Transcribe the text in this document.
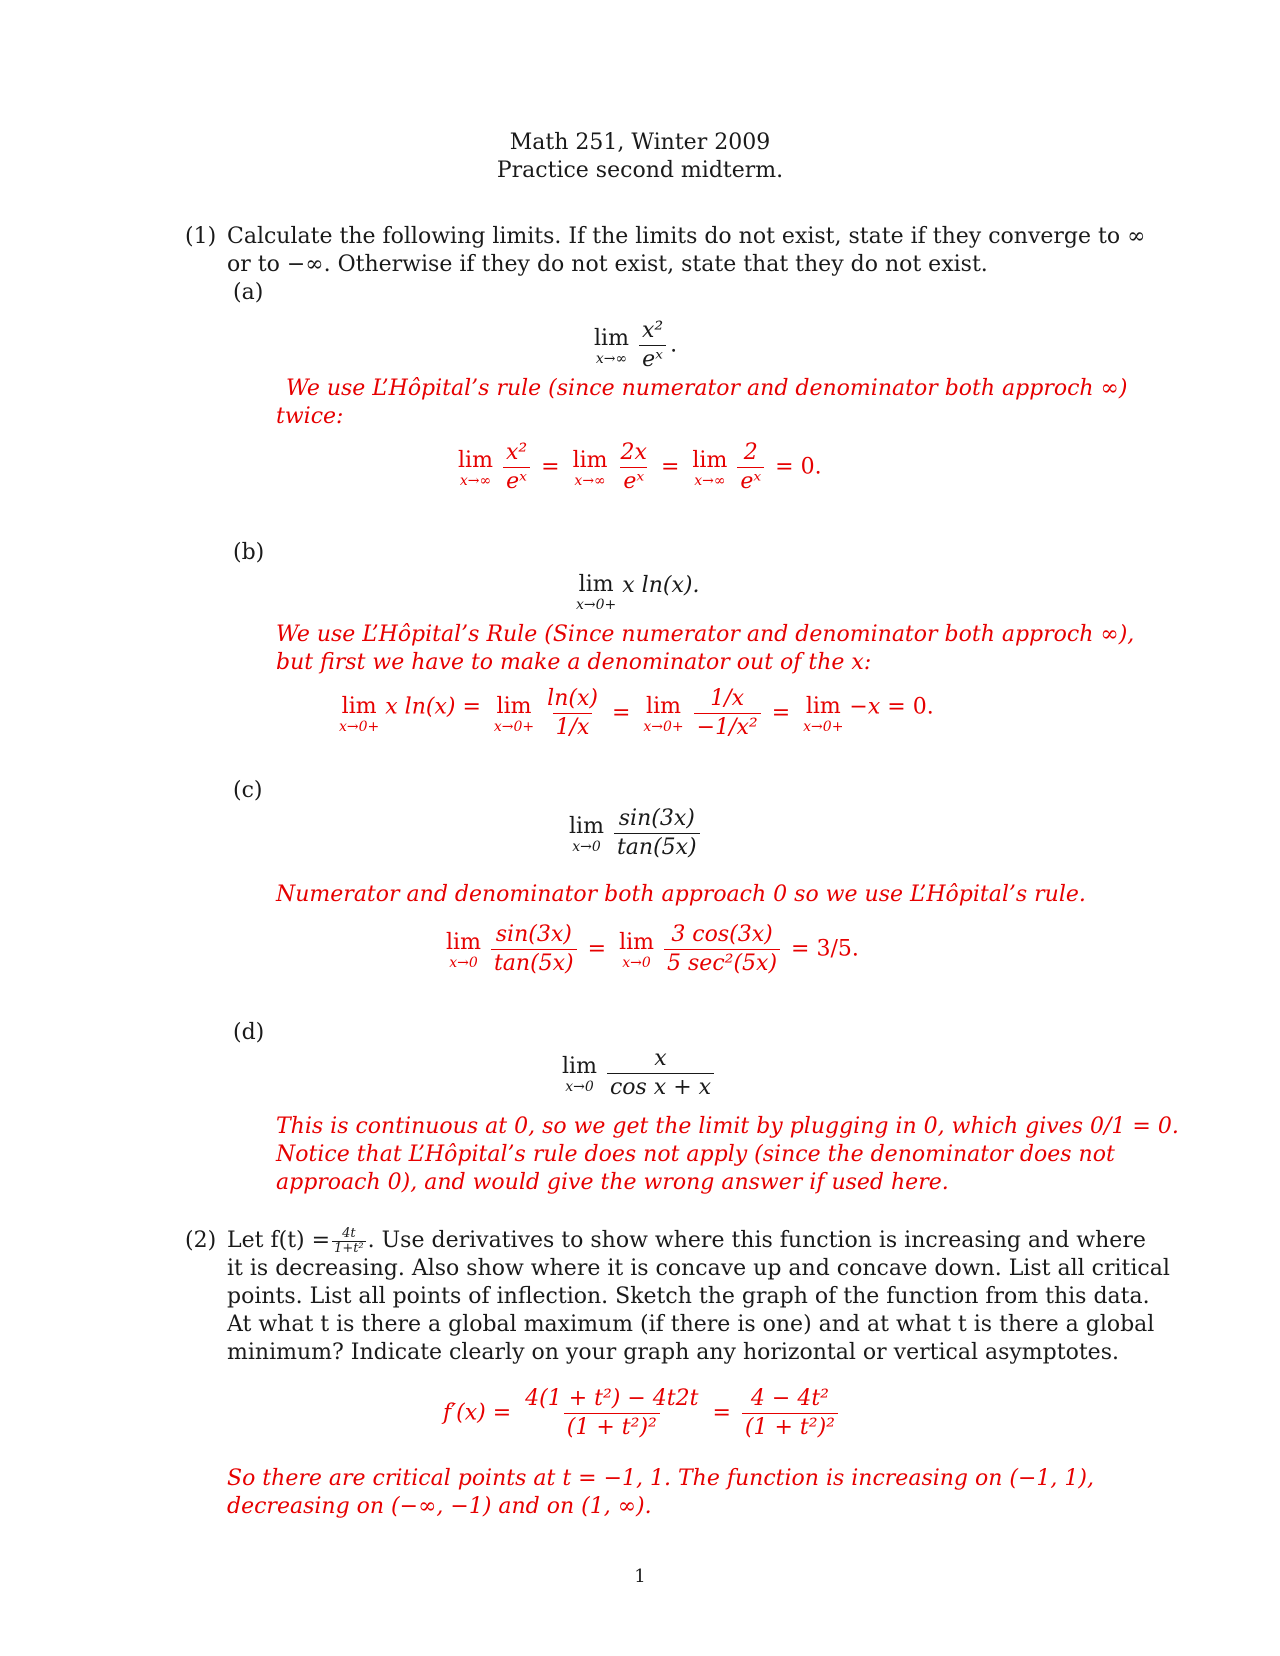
Math 251, Winter 2009
Practice second midterm.
(1) Calculate the following limits. If the limits do not exist, state if they converge to ∞
or to −∞. Otherwise if they do not exist, state that they do not exist.
(a)
lim
$x\to\infty \frac{\text{x²}}{\text{eˣ}}$ .
We use L’Hôpital’s rule (since numerator and denominator both approch ∞)
twice:
lim
$x\to\infty \frac{\text{x²}}{\text{eˣ}} = \lim$
$x\to\infty \frac{2x}{\text{eˣ}} = \lim$
$x\to\infty \frac{2}{\text{eˣ}} = 0$.
(b)
lim
x→0+
x ln(x).
We use L’Hôpital’s Rule (Since numerator and denominator both approch ∞),
but first we have to make a denominator out of the x:
lim
x→0+
x ln(x) = lim
$x\to 0+ \frac{\ln(x)}{1/x} = \lim$
$x\to 0+ \frac{1/x}{\text{−1/x²}} = \lim$
x→0+
−x = 0.
(c)
lim
$x\to 0 \frac{\sin(3x)}{\tan(5x)}$
Numerator and denominator both approach 0 so we use L’Hôpital’s rule.
lim
$x\to 0 \frac{\sin(3x)}{\tan(5x)} = \lim$
$x\to 0 \frac{3 \cos(3x)}{\text{5 sec²(5x)}} = 3/5$.
(d)
lim
$x\to 0 \frac{x}{\text{cos x + x}}$
This is continuous at 0, so we get the limit by plugging in 0, which gives 0/1 = 0.
Notice that L’Hôpital’s rule does not apply (since the denominator does not
approach 0), and would give the wrong answer if used here.
(2) Let $f(t) = \frac{4t}{\text{1+t²}}$ . Use derivatives to show where this function is increasing and where
it is decreasing. Also show where it is concave up and concave down. List all critical
points. List all points of inflection. Sketch the graph of the function from this data.
At what t is there a global maximum (if there is one) and at what t is there a global
minimum? Indicate clearly on your graph any horizontal or vertical asymptotes.
$f'(x) = \frac{\text{4(1 + t²) − 4t2t}}{\text{(1 + t²)²}} = \frac{\text{4 − 4t²}}{\text{(1 + t²)²}}$
So there are critical points at t = −1, 1. The function is increasing on (−1, 1),
decreasing on (−∞, −1) and on (1, ∞).
1
